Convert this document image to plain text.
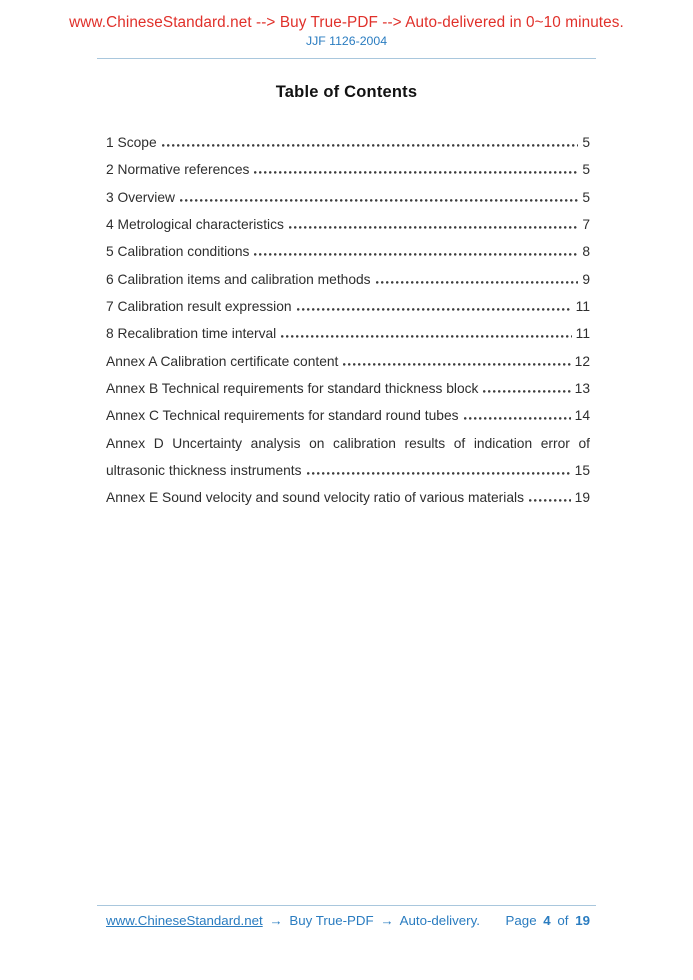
www.ChineseStandard.net --> Buy True-PDF --> Auto-delivered in 0~10 minutes.
JJF 1126-2004
Table of Contents
1 Scope	5
2 Normative references	5
3 Overview	5
4 Metrological characteristics	7
5 Calibration conditions	8
6 Calibration items and calibration methods	9
7 Calibration result expression	11
8 Recalibration time interval	11
Annex A Calibration certificate content	12
Annex B Technical requirements for standard thickness block	13
Annex C Technical requirements for standard round tubes	14
Annex D Uncertainty analysis on calibration results of indication error of
ultrasonic thickness instruments	15
Annex E Sound velocity and sound velocity ratio of various materials	19
www.ChineseStandard.net → Buy True-PDF → Auto-delivery. Page 4 of 19
